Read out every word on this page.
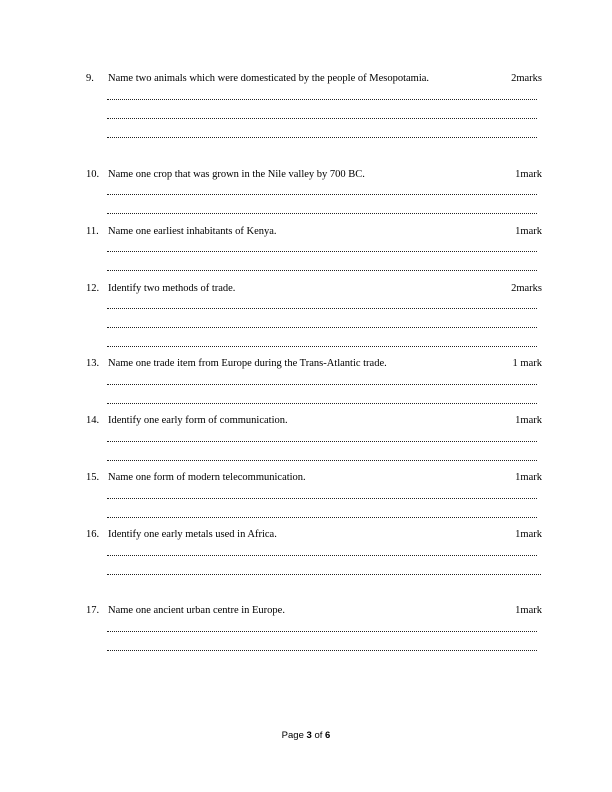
9. Name two animals which were domesticated by the people of Mesopotamia.	2marks
10. Name one crop that was grown in the Nile valley by 700 BC.	1mark
11. Name one earliest inhabitants of Kenya.	1mark
12. Identify two methods of trade.	2marks
13. Name one trade item from Europe during the Trans-Atlantic trade.	1 mark
14. Identify one early form of communication.	1mark
15. Name one form of modern telecommunication.	1mark
16. Identify one early metals used in Africa.	1mark
17. Name one ancient urban centre in Europe.	1mark
Page 3 of 6
